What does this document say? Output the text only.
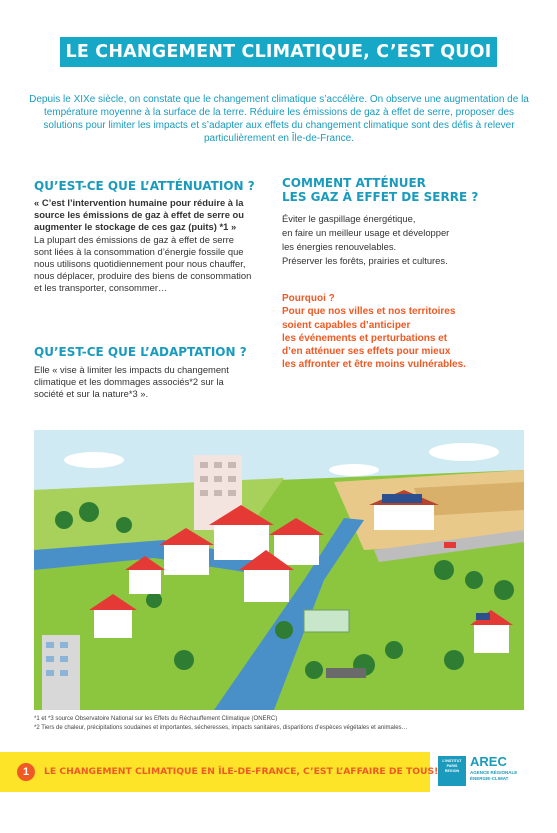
LE CHANGEMENT CLIMATIQUE, C’EST QUOI ?
Depuis le XIXe siècle, on constate que le changement climatique s’accélère. On observe une augmentation de la température moyenne à la surface de la terre. Réduire les émissions de gaz à effet de serre, proposer des solutions pour limiter les impacts et s’adapter aux effets du changement climatique sont des défis à relever particulièrement en Île-de-France.
QU’EST-CE QUE L’ATTÉNUATION ?
« C’est l’intervention humaine pour réduire à la source les émissions de gaz à effet de serre ou augmenter le stockage de ces gaz (puits) *1 »
La plupart des émissions de gaz à effet de serre sont liées à la consommation d’énergie fossile que nous utilisons quotidiennement pour nous chauffer, nous déplacer, produire des biens de consommation et les transporter, consommer…
QU’EST-CE QUE L’ADAPTATION ?
Elle « vise à limiter les impacts du changement climatique et les dommages associés*2 sur la société et sur la nature*3 ».
COMMENT ATTÉNUER
LES GAZ À EFFET DE SERRE ?
Éviter le gaspillage énergétique,
en faire un meilleur usage et développer
les énergies renouvelables.
Préserver les forêts, prairies et cultures.
Pourquoi ?
Pour que nos villes et nos territoires
soient capables d’anticiper
les événements et perturbations et
d’en atténuer ses effets pour mieux
les affronter et être moins vulnérables.
*1 et *3 source Observatoire National sur les Effets du Réchauffement Climatique (ONERC)
*2 Tiers de chaleur, précipitations soudaines et importantes, sécheresses, impacts sanitaires, disparitions d’espèces végétales et animales…
1	LE CHANGEMENT CLIMATIQUE EN ÎLE-DE-FRANCE, C’EST L’AFFAIRE DE TOUS!
L’INSTITUT PARIS REGION
AREC
AGENCE RÉGIONALE ÉNERGIE-CLIMAT
